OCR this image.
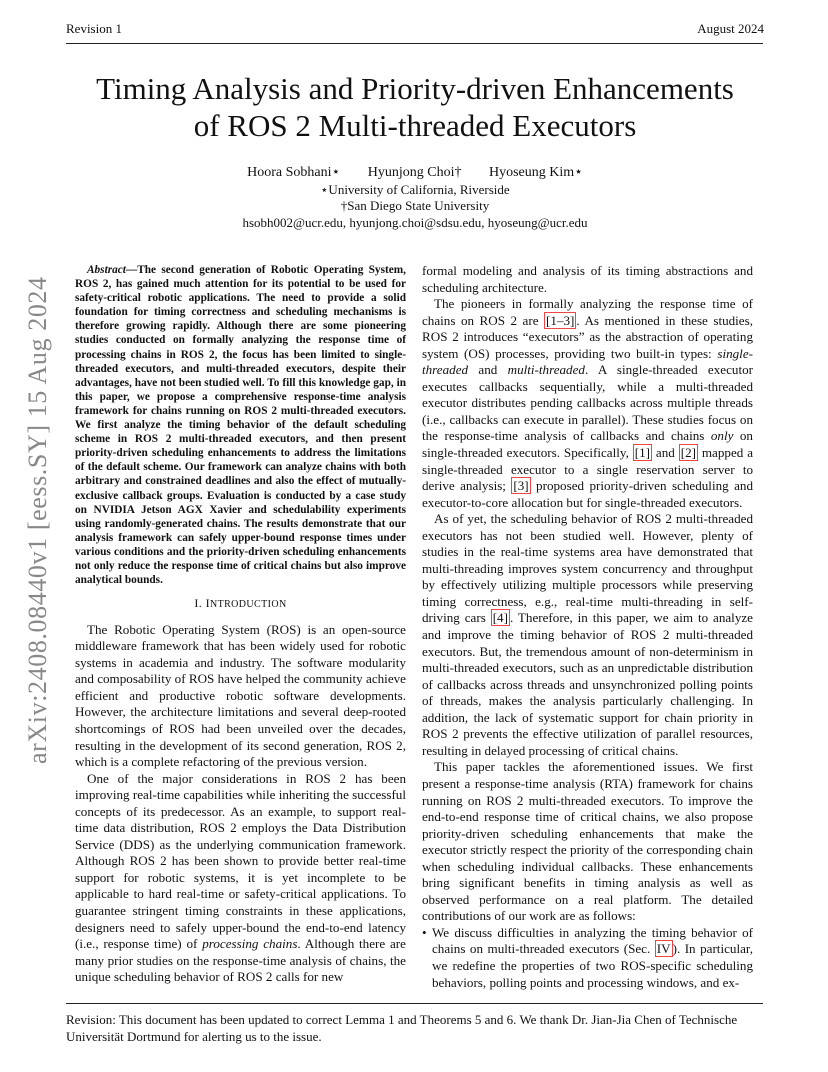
Revision 1	August 2024
arXiv:2408.08440v1 [eess.SY] 15 Aug 2024
Timing Analysis and Priority-driven Enhancements
of ROS 2 Multi-threaded Executors
Hoora Sobhani⋆ Hyunjong Choi† Hyoseung Kim⋆
⋆University of California, Riverside
†San Diego State University
hsobh002@ucr.edu, hyunjong.choi@sdsu.edu, hyoseung@ucr.edu

Abstract—The second generation of Robotic Operating System, ROS 2, has gained much attention for its potential to be used for safety-critical robotic applications. The need to provide a solid foundation for timing correctness and scheduling mechanisms is therefore growing rapidly. Although there are some pioneering studies conducted on formally analyzing the response time of processing chains in ROS 2, the focus has been limited to single-threaded executors, and multi-threaded executors, despite their advantages, have not been studied well. To fill this knowledge gap, in this paper, we propose a comprehensive response-time analysis framework for chains running on ROS 2 multi-threaded executors. We first analyze the timing behavior of the default scheduling scheme in ROS 2 multi-threaded executors, and then present priority-driven scheduling enhancements to address the limitations of the default scheme. Our framework can analyze chains with both arbitrary and constrained deadlines and also the effect of mutually-exclusive callback groups. Evaluation is conducted by a case study on NVIDIA Jetson AGX Xavier and schedulability experiments using randomly-generated chains. The results demonstrate that our analysis framework can safely upper-bound response times under various conditions and the priority-driven scheduling enhancements not only reduce the response time of critical chains but also improve analytical bounds.

I. INTRODUCTION

The Robotic Operating System (ROS) is an open-source middleware framework that has been widely used for robotic systems in academia and industry. The software modularity and composability of ROS have helped the community achieve efficient and productive robotic software developments. However, the architecture limitations and several deep-rooted shortcomings of ROS had been unveiled over the decades, resulting in the development of its second generation, ROS 2, which is a complete refactoring of the previous version.

One of the major considerations in ROS 2 has been improving real-time capabilities while inheriting the successful concepts of its predecessor. As an example, to support real-time data distribution, ROS 2 employs the Data Distribution Service (DDS) as the underlying communication framework. Although ROS 2 has been shown to provide better real-time support for robotic systems, it is yet incomplete to be applicable to hard real-time or safety-critical applications. To guarantee stringent timing constraints in these applications, designers need to safely upper-bound the end-to-end latency (i.e., response time) of processing chains. Although there are many prior studies on the response-time analysis of chains, the unique scheduling behavior of ROS 2 calls for new

formal modeling and analysis of its timing abstractions and scheduling architecture.

The pioneers in formally analyzing the response time of chains on ROS 2 are [1–3] . As mentioned in these studies, ROS 2 introduces “executors” as the abstraction of operating system (OS) processes, providing two built-in types: single-threaded and multi-threaded. A single-threaded executor executes callbacks sequentially, while a multi-threaded executor distributes pending callbacks across multiple threads (i.e., callbacks can execute in parallel). These studies focus on the response-time analysis of callbacks and chains only on single-threaded executors. Specifically, [1] and [2] mapped a single-threaded executor to a single reservation server to derive analysis; [3] proposed priority-driven scheduling and executor-to-core allocation but for single-threaded executors.

As of yet, the scheduling behavior of ROS 2 multi-threaded executors has not been studied well. However, plenty of studies in the real-time systems area have demonstrated that multi-threading improves system concurrency and throughput by effectively utilizing multiple processors while preserving timing correctness, e.g., real-time multi-threading in self-driving cars [4] . Therefore, in this paper, we aim to analyze and improve the timing behavior of ROS 2 multi-threaded executors. But, the tremendous amount of non-determinism in multi-threaded executors, such as an unpredictable distribution of callbacks across threads and unsynchronized polling points of threads, makes the analysis particularly challenging. In addition, the lack of systematic support for chain priority in ROS 2 prevents the effective utilization of parallel resources, resulting in delayed processing of critical chains.

This paper tackles the aforementioned issues. We first present a response-time analysis (RTA) framework for chains running on ROS 2 multi-threaded executors. To improve the end-to-end response time of critical chains, we also propose priority-driven scheduling enhancements that make the executor strictly respect the priority of the corresponding chain when scheduling individual callbacks. These enhancements bring significant benefits in timing analysis as well as observed performance on a real platform. The detailed contributions of our work are as follows:

• We discuss difficulties in analyzing the timing behavior of chains on multi-threaded executors (Sec. IV ). In particular, we redefine the properties of two ROS-specific scheduling behaviors, polling points and processing windows, and ex-

Revision: This document has been updated to correct Lemma 1 and Theorems 5 and 6. We thank Dr. Jian-Jia Chen of Technische Universität Dortmund for alerting us to the issue.
